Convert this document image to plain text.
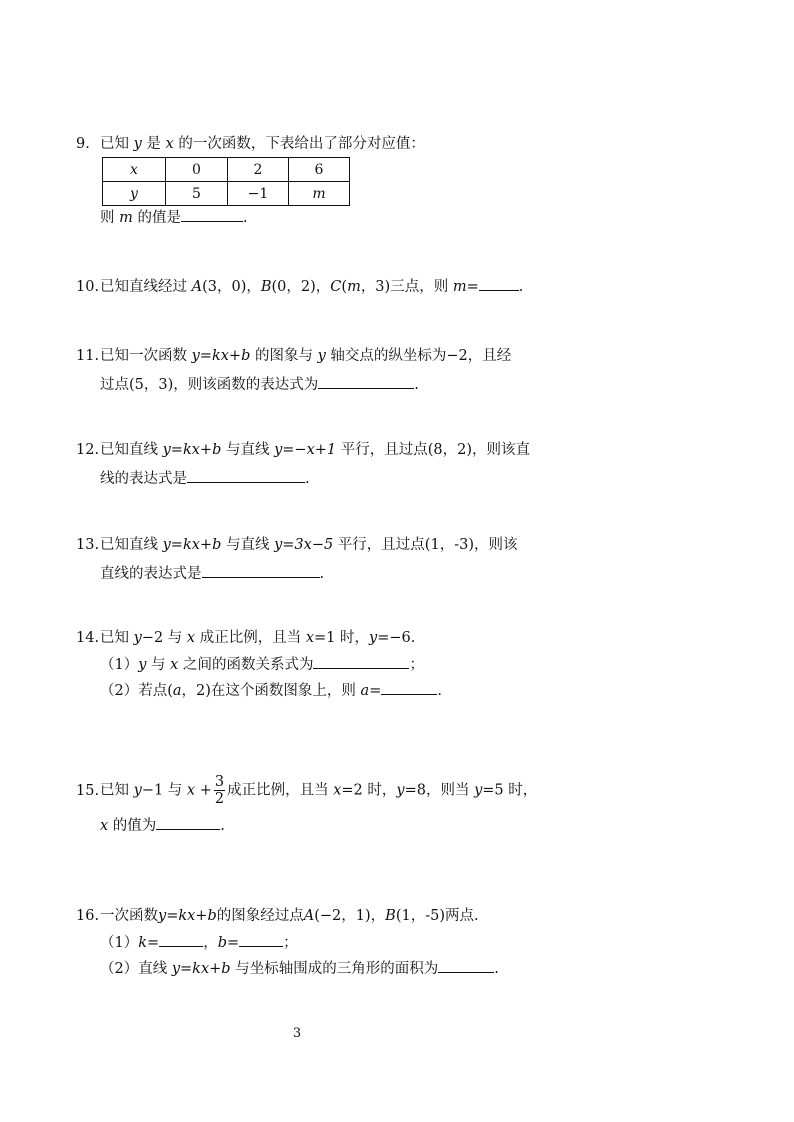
9. 已知 y 是 x 的一次函数，下表给出了部分对应值：
x	0	2	6
y	5	−1	m
则 m 的值是	.
10.已知直线经过 A(3，0)，B(0，2)，C(m，3)三点，则 m=	.
11.已知一次函数 y=kx+b 的图象与 y 轴交点的纵坐标为−2，且经
过点(5，3)，则该函数的表达式为	.
12.已知直线 y=kx+b 与直线 y=−x+1 平行，且过点(8，2)，则该直
线的表达式是	.
13.已知直线 y=kx+b 与直线 y=3x−5 平行，且过点(1，-3)，则该
直线的表达式是	.
14.已知 y−2 与 x 成正比例，且当 x=1 时，y=−6.
（1）y 与 x 之间的函数关系式为	；
（2）若点(a，2)在这个函数图象上，则 a=	.
15.已知 y−1 与 $x + \frac{3}{2}$ 成正比例，且当 x=2 时，y=8，则当 y=5 时，
x 的值为	.
16.一次函数y=kx+b的图象经过点A(−2，1)，B(1，-5)两点.
（1）k=	，b=	；
（2）直线 y=kx+b 与坐标轴围成的三角形的面积为	.
3
